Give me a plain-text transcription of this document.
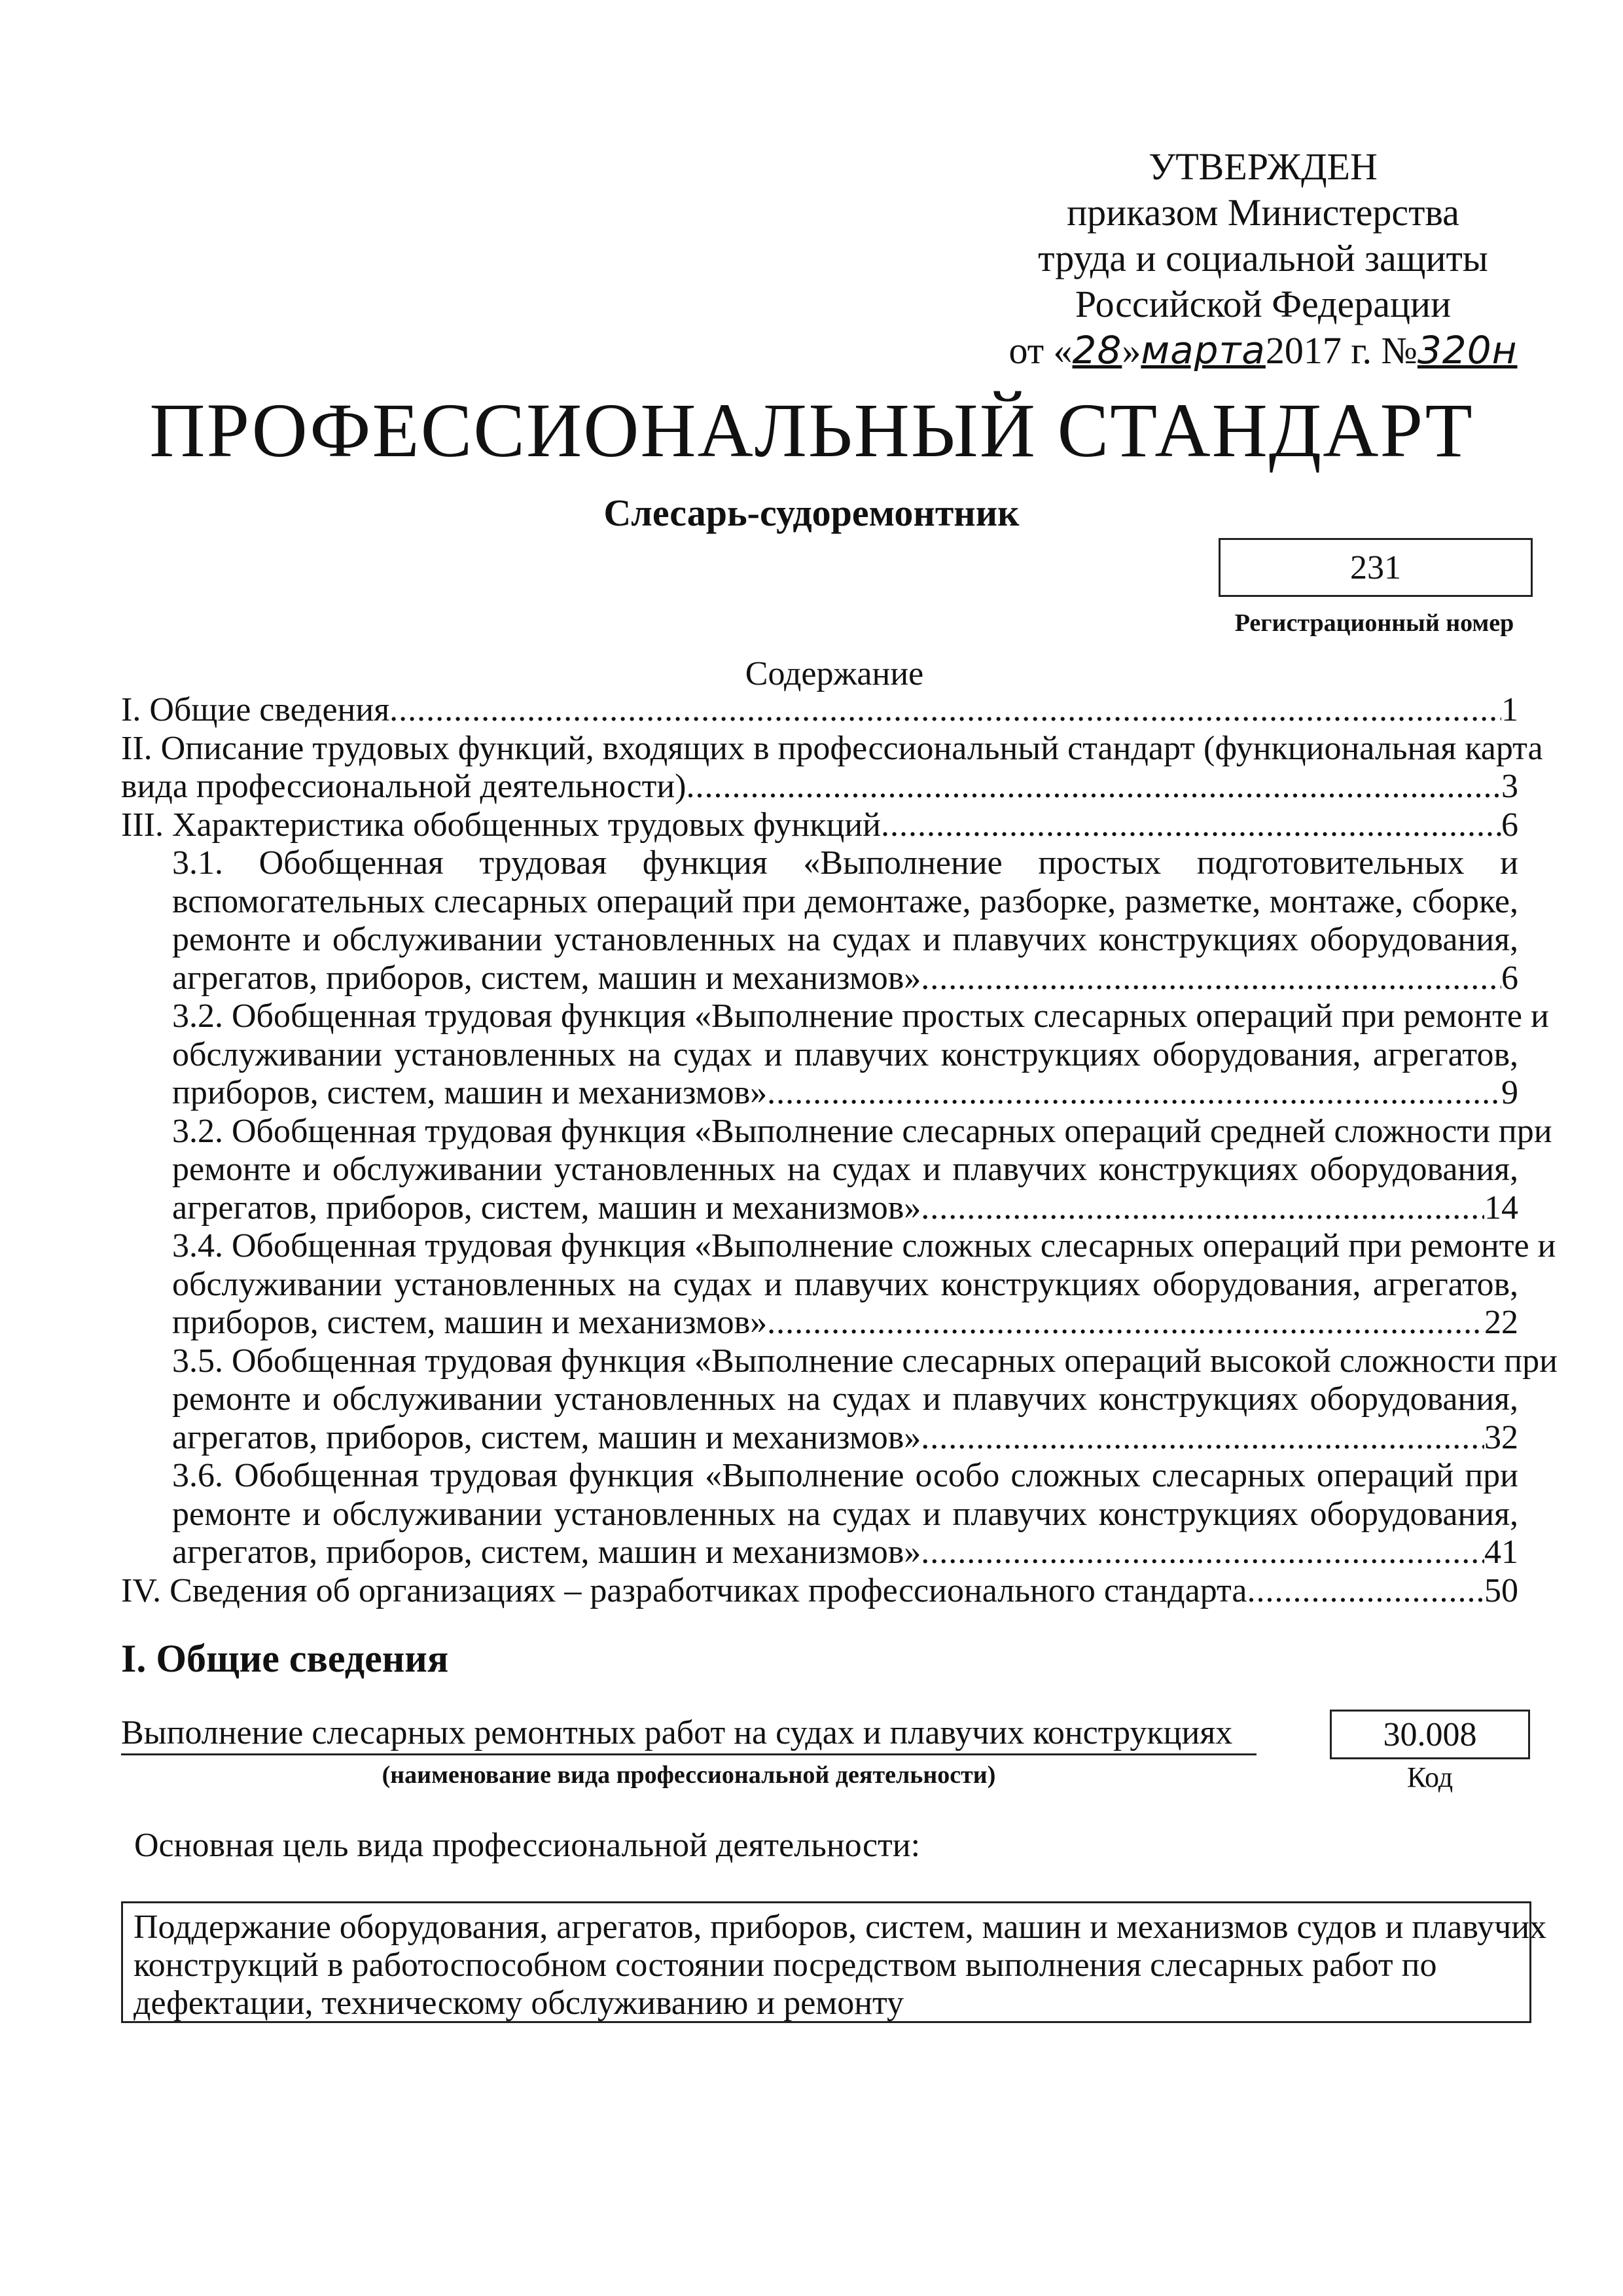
УТВЕРЖДЕН
приказом Министерства
труда и социальной защиты
Российской Федерации
от «28»марта2017 г. №320н
ПРОФЕССИОНАЛЬНЫЙ СТАНДАРТ
Слесарь-судоремонтник
231
Регистрационный номер
Содержание
I. Общие сведения .....	1
II. Описание трудовых функций, входящих в профессиональный стандарт (функциональная карта
вида профессиональной деятельности) .....	3
III. Характеристика обобщенных трудовых функций .....	6
3.1. Обобщенная трудовая функция «Выполнение простых подготовительных и
вспомогательных слесарных операций при демонтаже, разборке, разметке, монтаже, сборке,
ремонте и обслуживании установленных на судах и плавучих конструкциях оборудования,
агрегатов, приборов, систем, машин и механизмов» .....	6
3.2. Обобщенная трудовая функция «Выполнение простых слесарных операций при ремонте и
обслуживании установленных на судах и плавучих конструкциях оборудования, агрегатов,
приборов, систем, машин и механизмов» .....	9
3.2. Обобщенная трудовая функция «Выполнение слесарных операций средней сложности при
ремонте и обслуживании установленных на судах и плавучих конструкциях оборудования,
агрегатов, приборов, систем, машин и механизмов» .....	14
3.4. Обобщенная трудовая функция «Выполнение сложных слесарных операций при ремонте и
обслуживании установленных на судах и плавучих конструкциях оборудования, агрегатов,
приборов, систем, машин и механизмов» .....	22
3.5. Обобщенная трудовая функция «Выполнение слесарных операций высокой сложности при
ремонте и обслуживании установленных на судах и плавучих конструкциях оборудования,
агрегатов, приборов, систем, машин и механизмов» .....	32
3.6. Обобщенная трудовая функция «Выполнение особо сложных слесарных операций при
ремонте и обслуживании установленных на судах и плавучих конструкциях оборудования,
агрегатов, приборов, систем, машин и механизмов» .....	41
IV. Сведения об организациях – разработчиках профессионального стандарта .....	50
I. Общие сведения
Выполнение слесарных ремонтных работ на судах и плавучих конструкциях
(наименование вида профессиональной деятельности)
30.008
Код
Основная цель вида профессиональной деятельности:
Поддержание оборудования, агрегатов, приборов, систем, машин и механизмов судов и плавучих
конструкций в работоспособном состоянии посредством выполнения слесарных работ по
дефектации, техническому обслуживанию и ремонту
